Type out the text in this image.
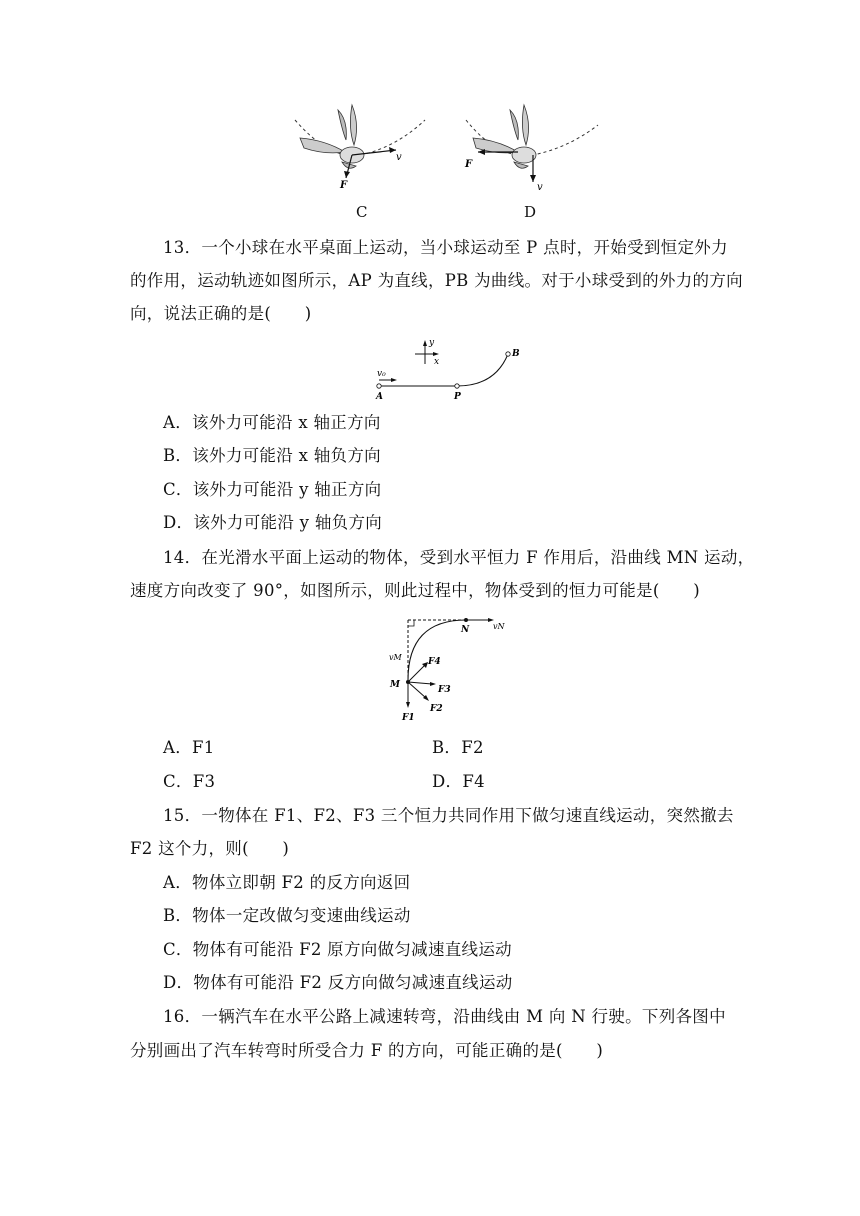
v
F	v
F
C	D
13．一个小球在水平桌面上运动，当小球运动至 P 点时，开始受到恒定外力
的作用，运动轨迹如图所示，AP 为直线，PB 为曲线。对于小球受到的外力的方向
向，说法正确的是(　　)
y
x
v₀
A	P
B
A．该外力可能沿 x 轴正方向
B．该外力可能沿 x 轴负方向
C．该外力可能沿 y 轴正方向
D．该外力可能沿 y 轴负方向
14．在光滑水平面上运动的物体，受到水平恒力 F 作用后，沿曲线 MN 运动，
速度方向改变了 90°，如图所示，则此过程中，物体受到的恒力可能是(　　)
N	vN
vM
M
F1
F2
F3
F4
A．F1	B．F2
C．F3	D．F4
15．一物体在 F1、F2、F3 三个恒力共同作用下做匀速直线运动，突然撤去
F2 这个力，则(　　)
A．物体立即朝 F2 的反方向返回
B．物体一定改做匀变速曲线运动
C．物体有可能沿 F2 原方向做匀减速直线运动
D．物体有可能沿 F2 反方向做匀减速直线运动
16．一辆汽车在水平公路上减速转弯，沿曲线由 M 向 N 行驶。下列各图中
分别画出了汽车转弯时所受合力 F 的方向，可能正确的是(　　)
